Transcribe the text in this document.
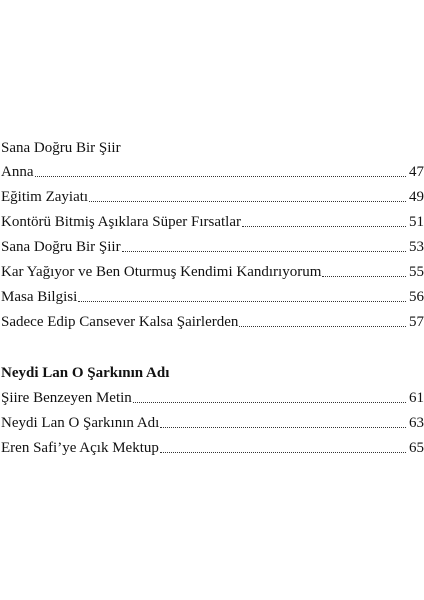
Sana Doğru Bir Şiir
Anna	47
Eğitim Zayiatı	49
Kontörü Bitmiş Aşıklara Süper Fırsatlar	51
Sana Doğru Bir Şiir	53
Kar Yağıyor ve Ben Oturmuş Kendimi Kandırıyorum	55
Masa Bilgisi	56
Sadece Edip Cansever Kalsa Şairlerden	57
Neydi Lan O Şarkının Adı
Şiire Benzeyen Metin	61
Neydi Lan O Şarkının Adı	63
Eren Safi’ye Açık Mektup	65
